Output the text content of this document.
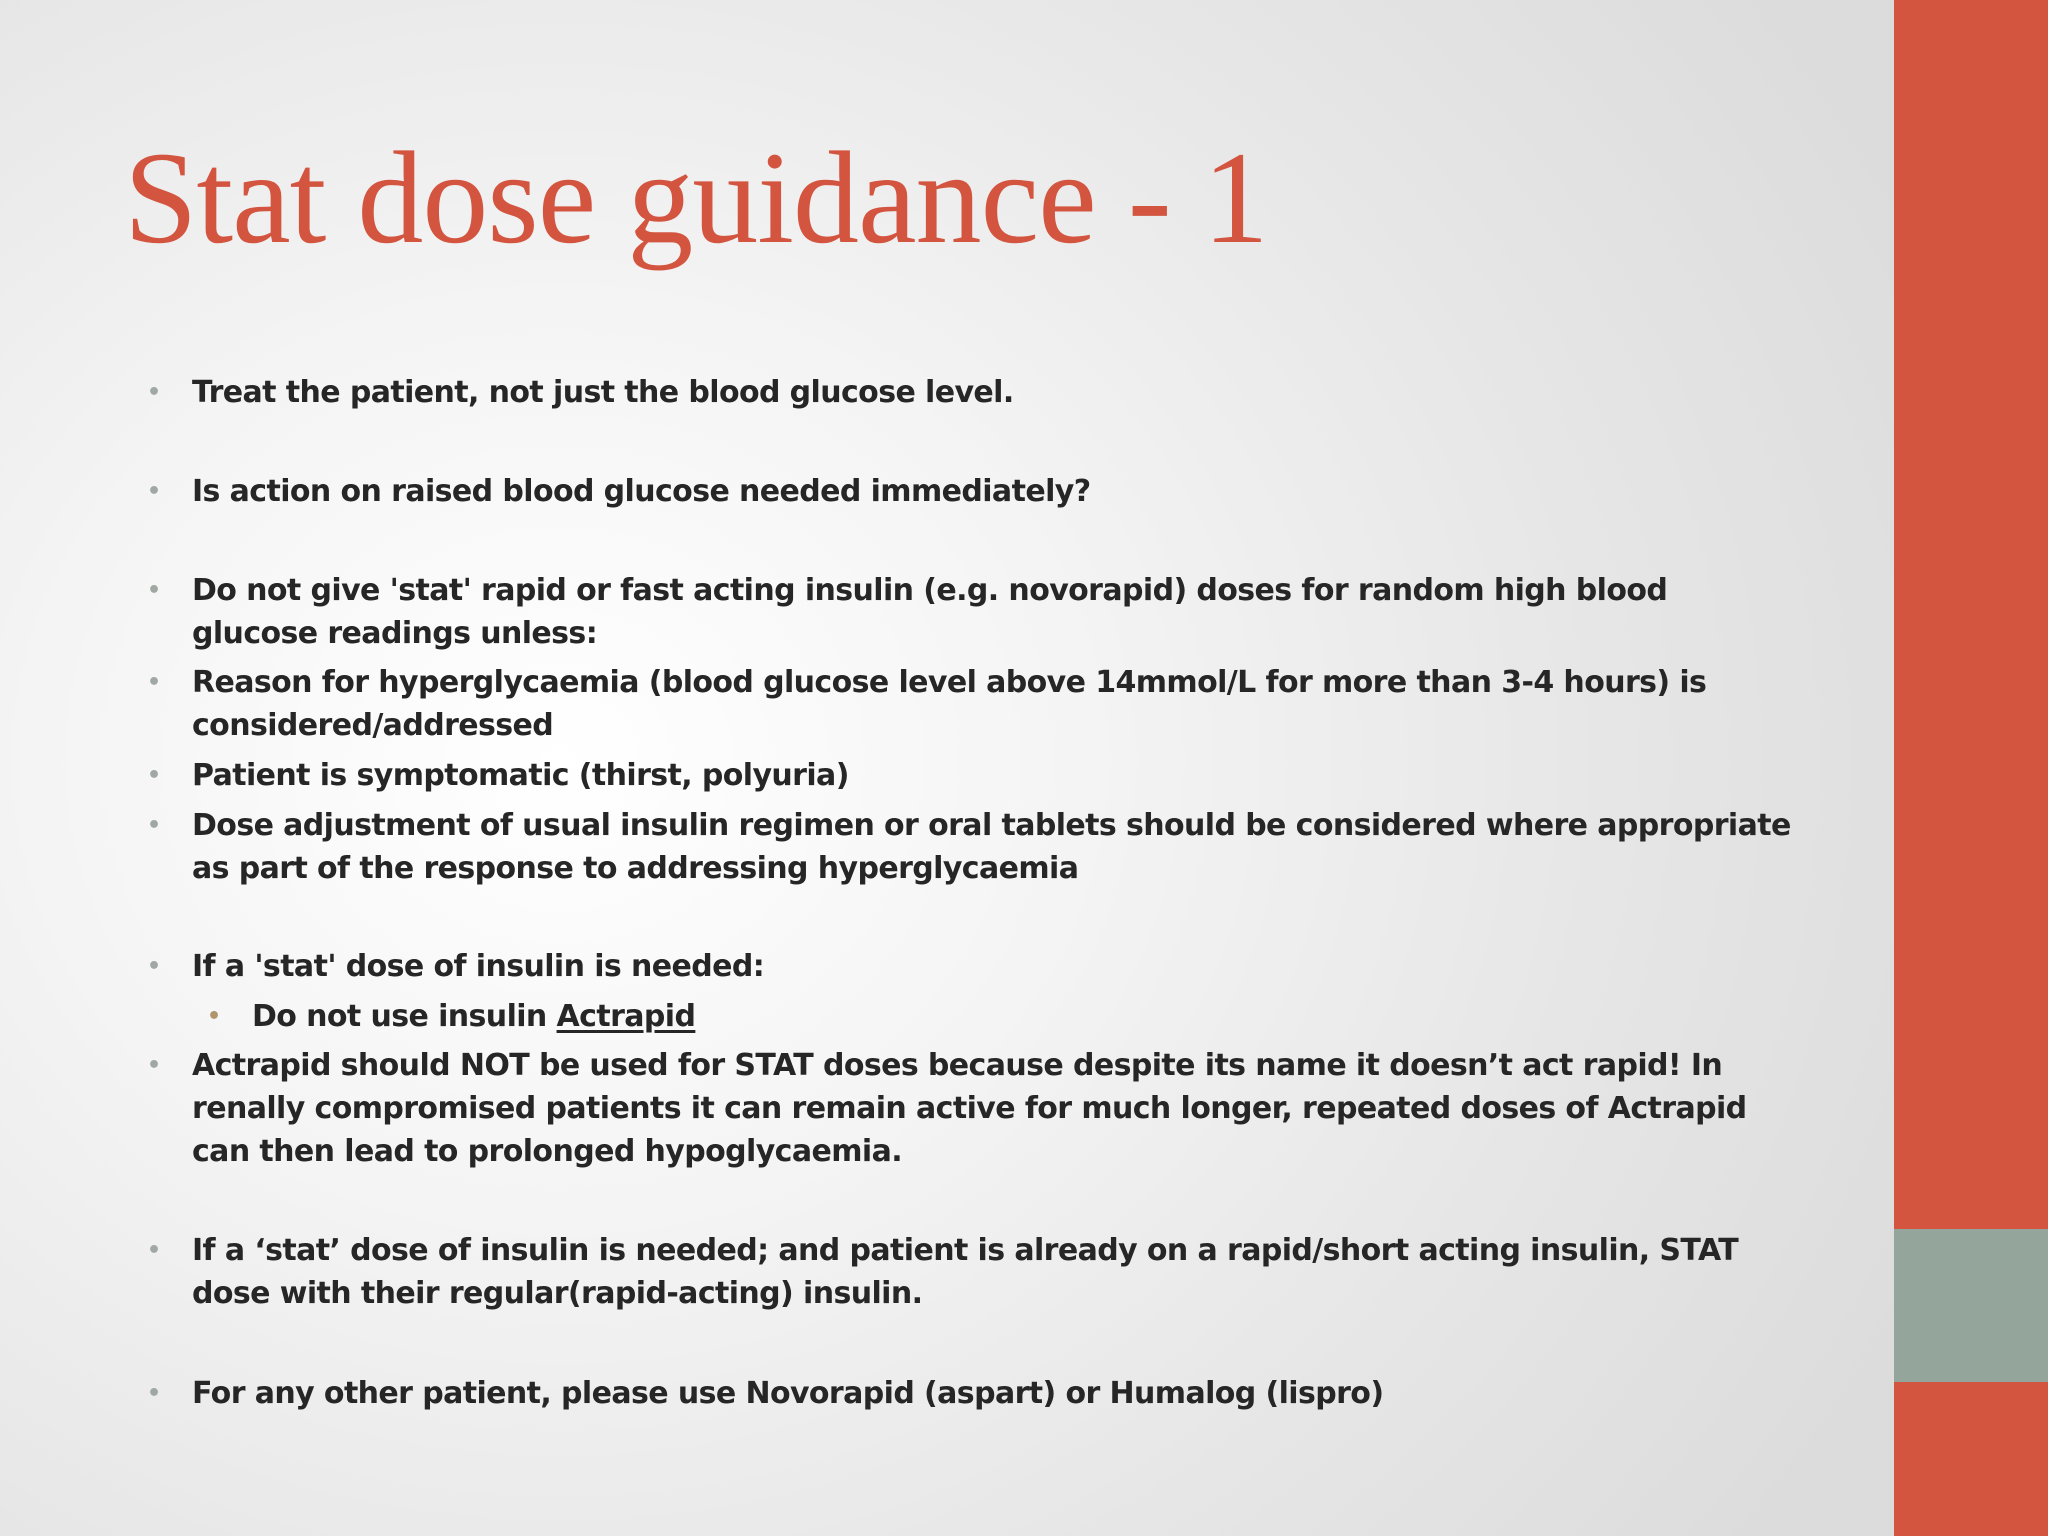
Stat dose guidance - 1
• Treat the patient, not just the blood glucose level.
• Is action on raised blood glucose needed immediately?
• Do not give 'stat' rapid or fast acting insulin (e.g. novorapid) doses for random high blood glucose readings unless:
• Reason for hyperglycaemia (blood glucose level above 14mmol/L for more than 3-4 hours) is considered/addressed
• Patient is symptomatic (thirst, polyuria)
• Dose adjustment of usual insulin regimen or oral tablets should be considered where appropriate as part of the response to addressing hyperglycaemia
• If a 'stat' dose of insulin is needed:
• Do not use insulin Actrapid
• Actrapid should NOT be used for STAT doses because despite its name it doesn’t act rapid! In renally compromised patients it can remain active for much longer, repeated doses of Actrapid can then lead to prolonged hypoglycaemia.
• If a ‘stat’ dose of insulin is needed; and patient is already on a rapid/short acting insulin, STAT dose with their regular(rapid-acting) insulin.
• For any other patient, please use Novorapid (aspart) or Humalog (lispro)
